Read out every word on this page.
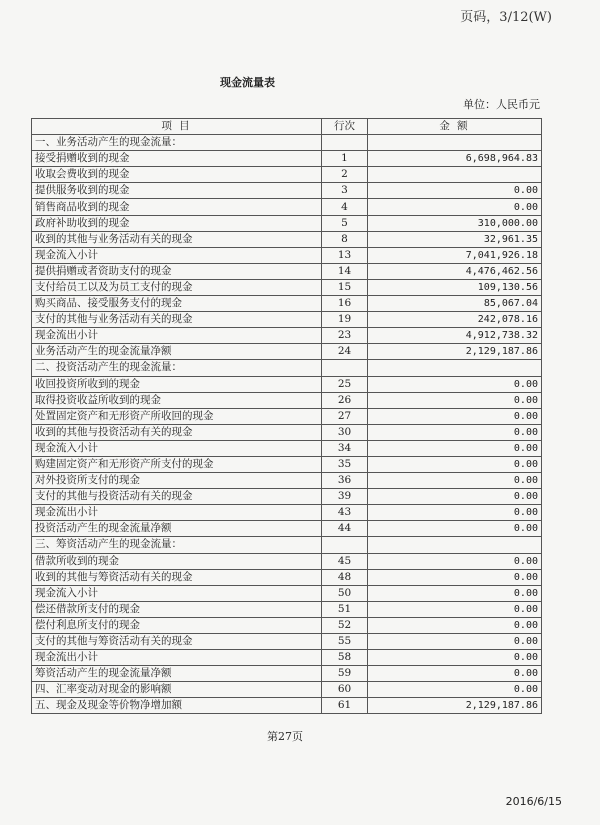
页码，3/12(W)
现金流量表
单位：人民币元
项 目	行次	金 额
一、业务活动产生的现金流量：		
接受捐赠收到的现金	1	6,698,964.83
收取会费收到的现金	2	
提供服务收到的现金	3	0.00
销售商品收到的现金	4	0.00
政府补助收到的现金	5	310,000.00
收到的其他与业务活动有关的现金	8	32,961.35
现金流入小计	13	7,041,926.18
提供捐赠或者资助支付的现金	14	4,476,462.56
支付给员工以及为员工支付的现金	15	109,130.56
购买商品、接受服务支付的现金	16	85,067.04
支付的其他与业务活动有关的现金	19	242,078.16
现金流出小计	23	4,912,738.32
业务活动产生的现金流量净额	24	2,129,187.86
二、投资活动产生的现金流量：		
收回投资所收到的现金	25	0.00
取得投资收益所收到的现金	26	0.00
处置固定资产和无形资产所收回的现金	27	0.00
收到的其他与投资活动有关的现金	30	0.00
现金流入小计	34	0.00
购建固定资产和无形资产所支付的现金	35	0.00
对外投资所支付的现金	36	0.00
支付的其他与投资活动有关的现金	39	0.00
现金流出小计	43	0.00
投资活动产生的现金流量净额	44	0.00
三、筹资活动产生的现金流量：		
借款所收到的现金	45	0.00
收到的其他与筹资活动有关的现金	48	0.00
现金流入小计	50	0.00
偿还借款所支付的现金	51	0.00
偿付利息所支付的现金	52	0.00
支付的其他与筹资活动有关的现金	55	0.00
现金流出小计	58	0.00
筹资活动产生的现金流量净额	59	0.00
四、汇率变动对现金的影响额	60	0.00
五、现金及现金等价物净增加额	61	2,129,187.86
第27页
2016/6/15
